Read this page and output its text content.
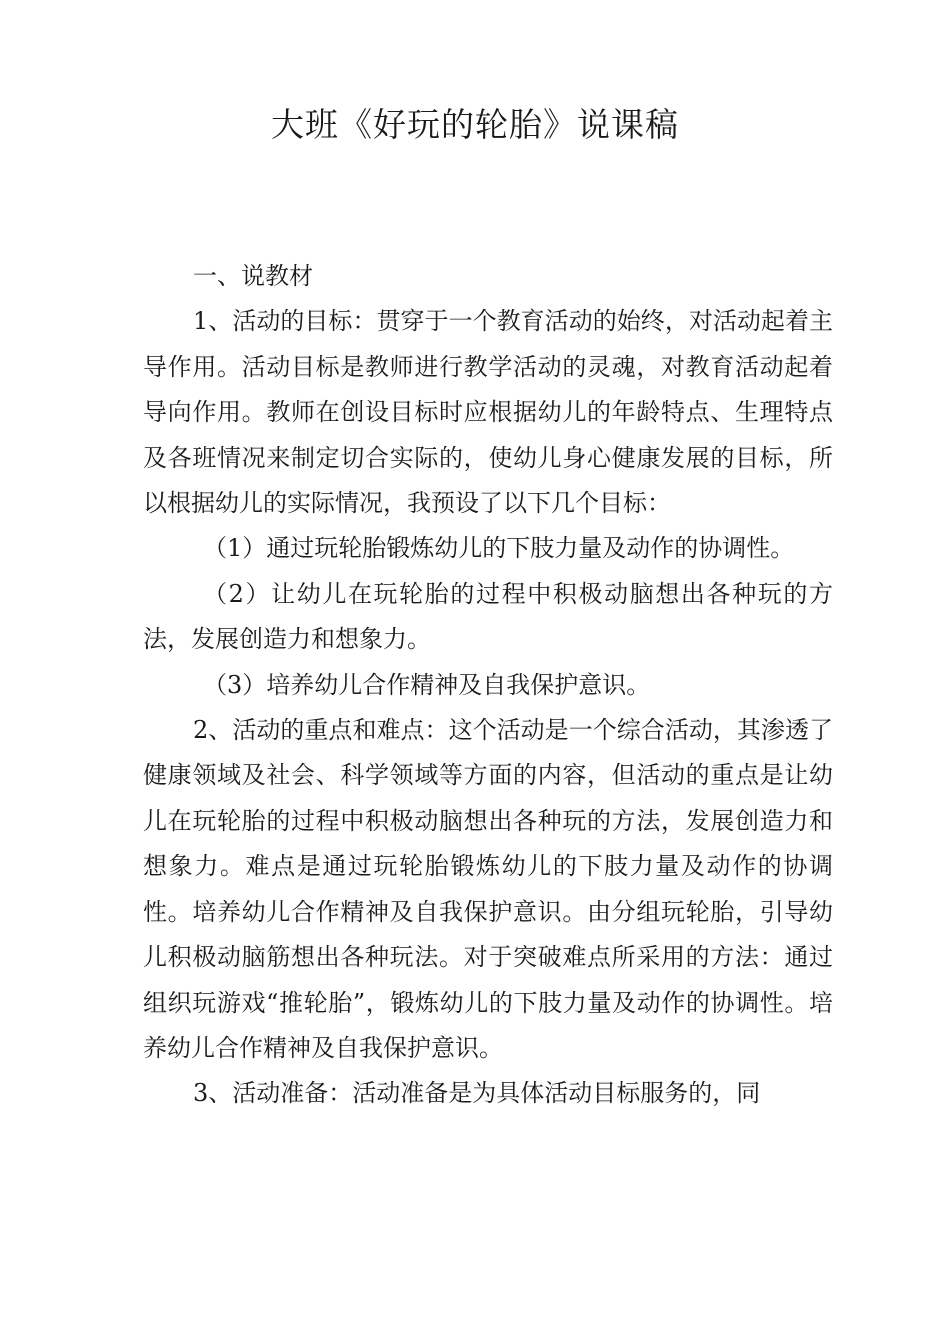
大班《好玩的轮胎》说课稿

一、说教材

1、活动的目标：贯穿于一个教育活动的始终，对活动起着主导作用。活动目标是教师进行教学活动的灵魂，对教育活动起着导向作用。教师在创设目标时应根据幼儿的年龄特点、生理特点及各班情况来制定切合实际的，使幼儿身心健康发展的目标，所以根据幼儿的实际情况，我预设了以下几个目标：

（1）通过玩轮胎锻炼幼儿的下肢力量及动作的协调性。

（2）让幼儿在玩轮胎的过程中积极动脑想出各种玩的方法，发展创造力和想象力。

（3）培养幼儿合作精神及自我保护意识。

2、活动的重点和难点：这个活动是一个综合活动，其渗透了健康领域及社会、科学领域等方面的内容，但活动的重点是让幼儿在玩轮胎的过程中积极动脑想出各种玩的方法，发展创造力和想象力。难点是通过玩轮胎锻炼幼儿的下肢力量及动作的协调性。培养幼儿合作精神及自我保护意识。由分组玩轮胎，引导幼儿积极动脑筋想出各种玩法。对于突破难点所采用的方法：通过组织玩游戏“推轮胎”，锻炼幼儿的下肢力量及动作的协调性。培养幼儿合作精神及自我保护意识。

3、活动准备：活动准备是为具体活动目标服务的，同
